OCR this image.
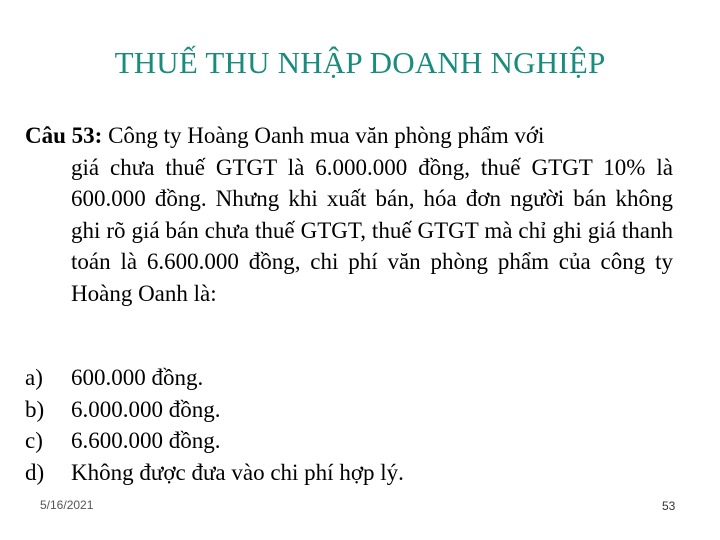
THUẾ THU NHẬP DOANH NGHIỆP

Câu 53: Công ty Hoàng Oanh mua văn phòng phẩm với

giá chưa thuế GTGT là 6.000.000 đồng, thuế GTGT 10% là 600.000 đồng. Nhưng khi xuất bán, hóa đơn người bán không ghi rõ giá bán chưa thuế GTGT, thuế GTGT mà chỉ ghi giá thanh toán là 6.600.000 đồng, chi phí văn phòng phẩm của công ty Hoàng Oanh là:

a)	600.000 đồng.
b)	6.000.000 đồng.
c)	6.600.000 đồng.
d)	Không được đưa vào chi phí hợp lý.
5/16/2021	53
